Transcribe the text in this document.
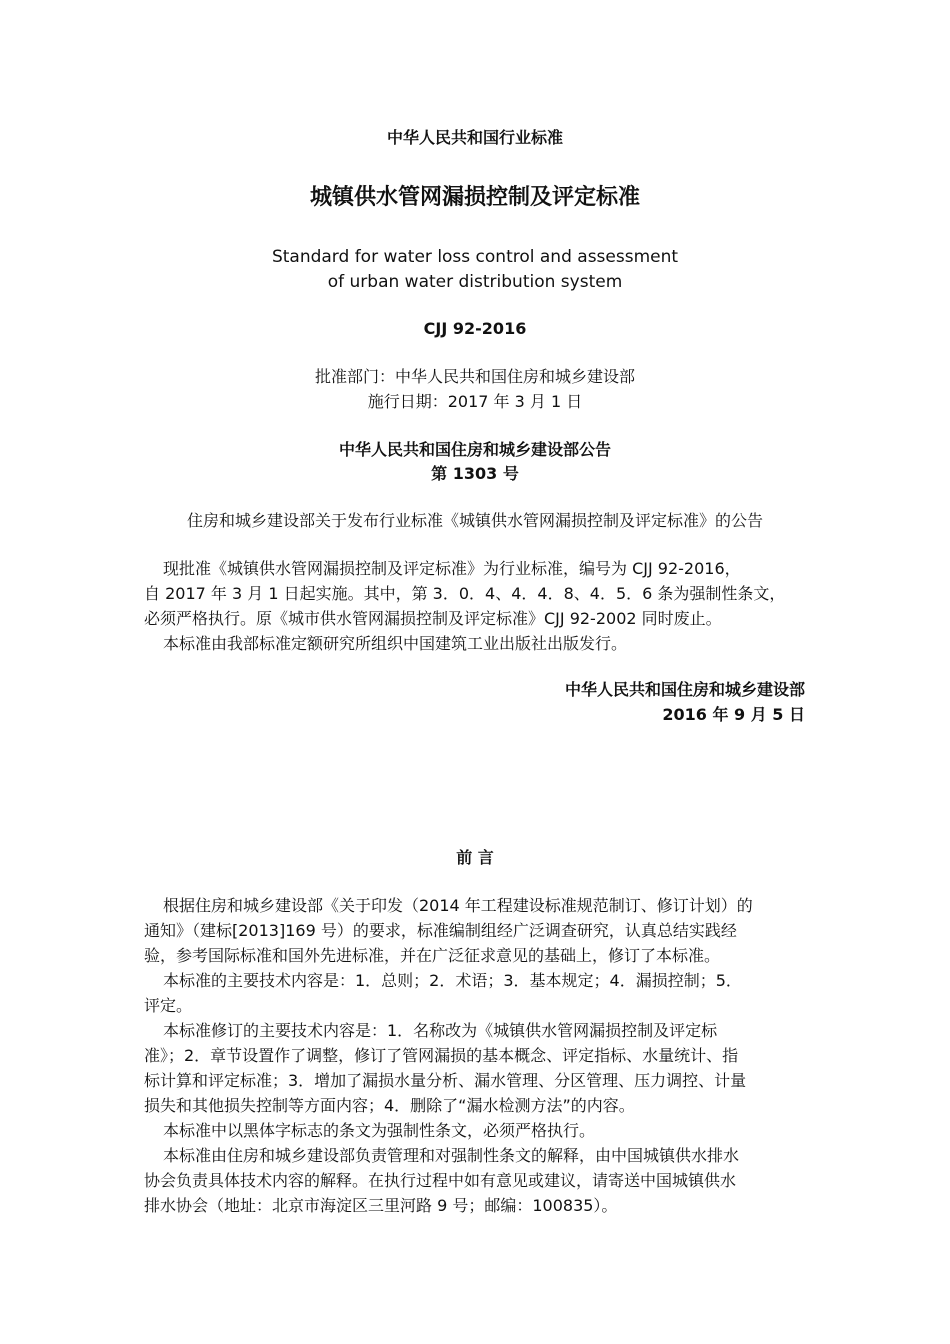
中华人民共和国行业标准
城镇供水管网漏损控制及评定标准
Standard for water loss control and assessment
of urban water distribution system
CJJ 92-2016
批准部门：中华人民共和国住房和城乡建设部
施行日期：2017 年 3 月 1 日
中华人民共和国住房和城乡建设部公告
第 1303 号
住房和城乡建设部关于发布行业标准《城镇供水管网漏损控制及评定标准》的公告
现批准《城镇供水管网漏损控制及评定标准》为行业标准，编号为 CJJ 92-2016，
自 2017 年 3 月 1 日起实施。其中，第 3．0．4、4．4．8、4．5．6 条为强制性条文，
必须严格执行。原《城市供水管网漏损控制及评定标准》CJJ 92-2002 同时废止。
本标准由我部标准定额研究所组织中国建筑工业出版社出版发行。
中华人民共和国住房和城乡建设部
2016 年 9 月 5 日
前 言
根据住房和城乡建设部《关于印发（2014 年工程建设标准规范制订、修订计划）的
通知》（建标[2013]169 号）的要求，标准编制组经广泛调查研究，认真总结实践经
验，参考国际标准和国外先进标准，并在广泛征求意见的基础上，修订了本标准。
本标准的主要技术内容是：1．总则；2．术语；3．基本规定；4．漏损控制；5．
评定。
本标准修订的主要技术内容是：1．名称改为《城镇供水管网漏损控制及评定标
准》；2．章节设置作了调整，修订了管网漏损的基本概念、评定指标、水量统计、指
标计算和评定标准；3．增加了漏损水量分析、漏水管理、分区管理、压力调控、计量
损失和其他损失控制等方面内容；4．删除了“漏水检测方法”的内容。
本标准中以黑体字标志的条文为强制性条文，必须严格执行。
本标准由住房和城乡建设部负责管理和对强制性条文的解释，由中国城镇供水排水
协会负责具体技术内容的解释。在执行过程中如有意见或建议，请寄送中国城镇供水
排水协会（地址：北京市海淀区三里河路 9 号；邮编：100835）。
